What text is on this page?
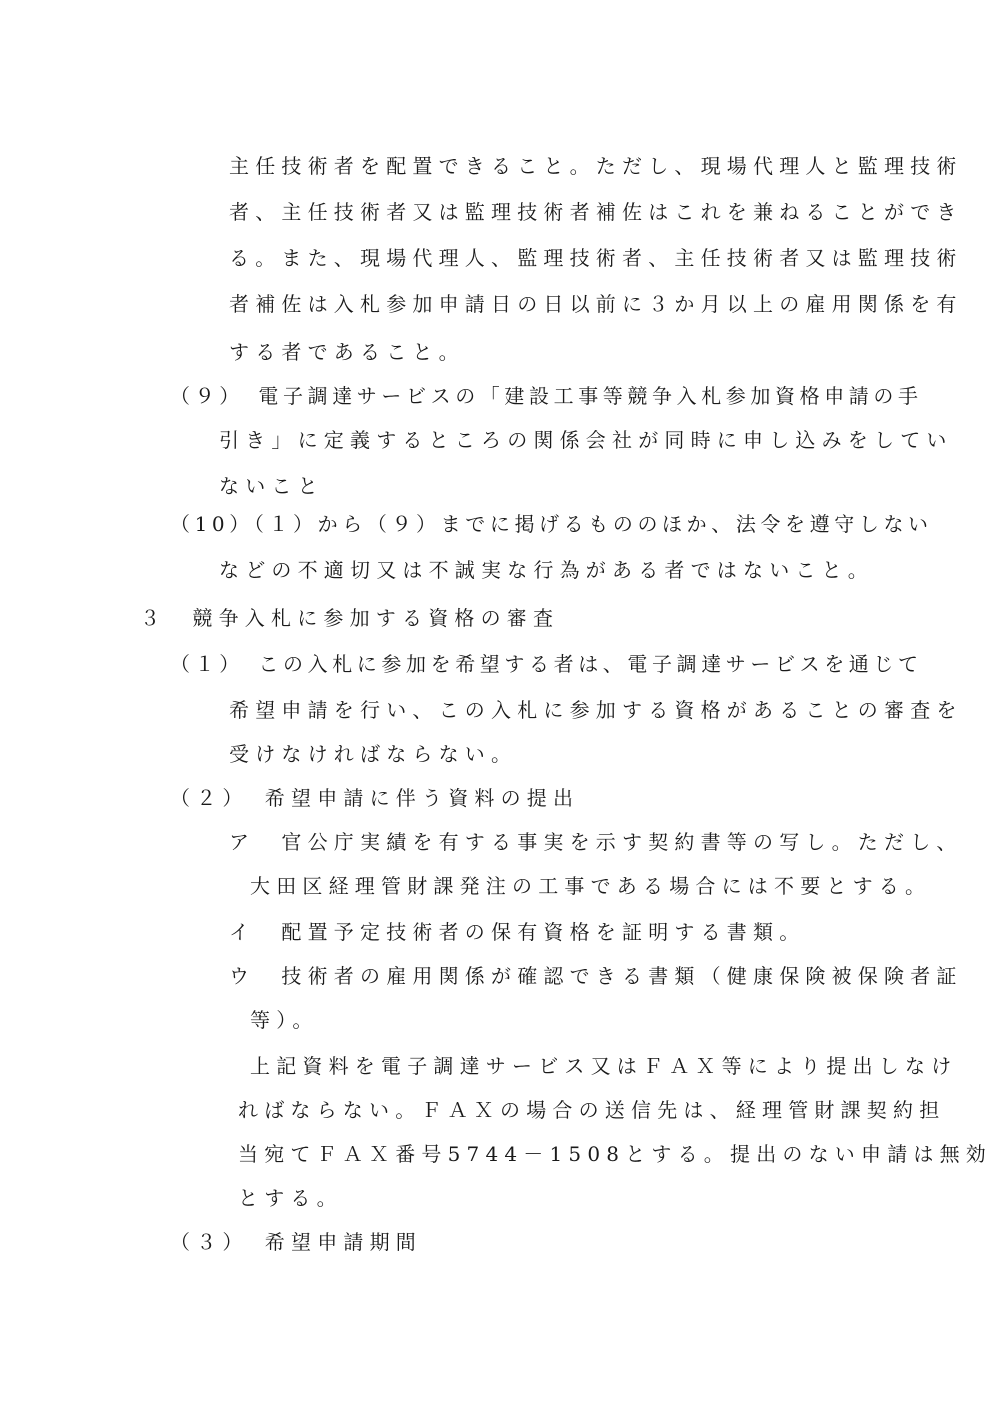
主任技術者を配置できること。ただし、現場代理人と監理技術
者、主任技術者又は監理技術者補佐はこれを兼ねることができ
る。また、現場代理人、監理技術者、主任技術者又は監理技術
者補佐は入札参加申請日の日以前に３か月以上の雇用関係を有
する者であること。
（９）　電子調達サービスの「建設工事等競争入札参加資格申請の手
引き」に定義するところの関係会社が同時に申し込みをしてい
ないこと
（10）（１）から（９）までに掲げるもののほか、法令を遵守しない
などの不適切又は不誠実な行為がある者ではないこと。
３　競争入札に参加する資格の審査
（１）　この入札に参加を希望する者は、電子調達サービスを通じて
希望申請を行い、この入札に参加する資格があることの審査を
受けなければならない。
（２）　希望申請に伴う資料の提出
ア　官公庁実績を有する事実を示す契約書等の写し。ただし、
大田区経理管財課発注の工事である場合には不要とする。
イ　配置予定技術者の保有資格を証明する書類。
ウ　技術者の雇用関係が確認できる書類（健康保険被保険者証
等）。
上記資料を電子調達サービス又はＦＡＸ等により提出しなけ
ればならない。ＦＡＸの場合の送信先は、経理管財課契約担
当宛てＦＡＸ番号5744－1508とする。提出のない申請は無効
とする。
（３）　希望申請期間
